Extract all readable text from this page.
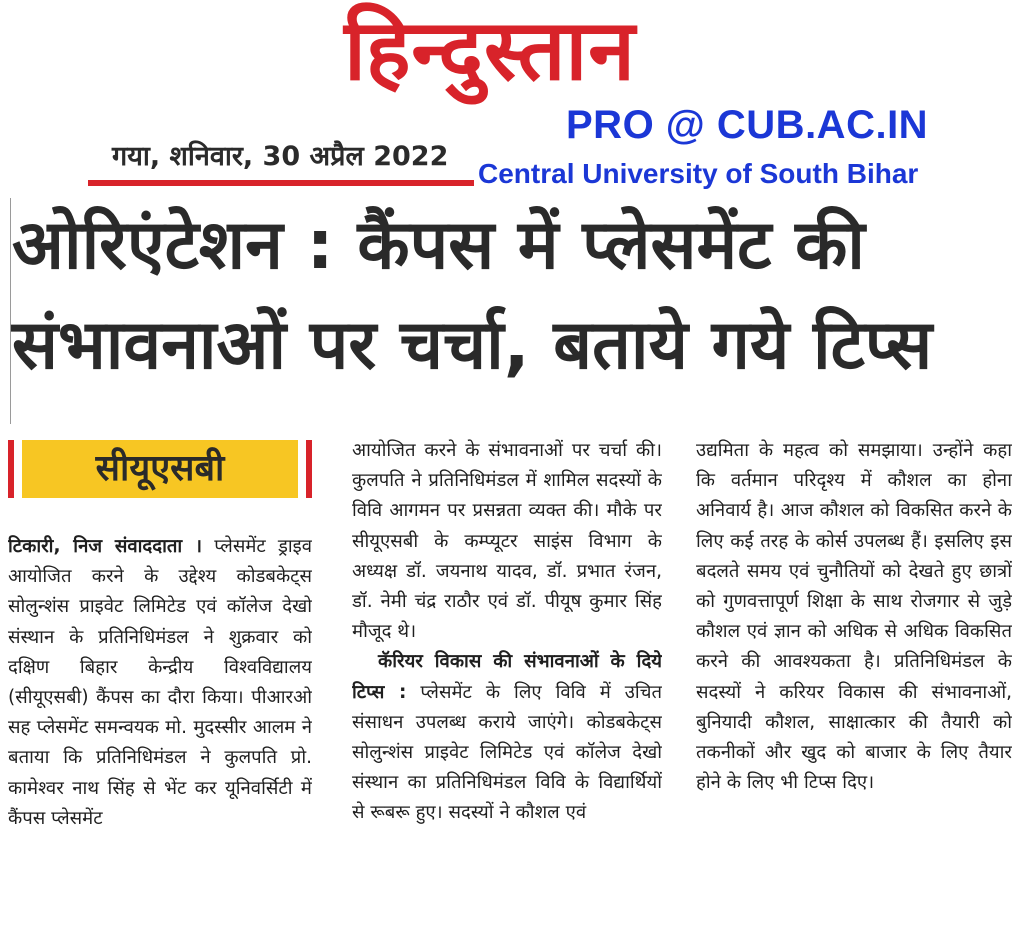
हिन्दुस्तान
गया, शनिवार, 30 अप्रैल 2022
PRO @ CUB.AC.IN
Central University of South Bihar
ओरिएंटेशन : कैंपस में प्लेसमेंट की
संभावनाओं पर चर्चा, बताये गये टिप्स
सीयूएसबी

टिकारी, निज संवाददाता । प्लेसमेंट ड्राइव आयोजित करने के उद्देश्य कोडबकेट्स सोलुन्शंस प्राइवेट लिमिटेड एवं कॉलेज देखो संस्थान के प्रतिनिधिमंडल ने शुक्रवार को दक्षिण बिहार केन्द्रीय विश्वविद्यालय (सीयूएसबी) कैंपस का दौरा किया। पीआरओ सह प्लेसमेंट समन्वयक मो. मुदस्सीर आलम ने बताया कि प्रतिनिधिमंडल ने कुलपति प्रो. कामेश्वर नाथ सिंह से भेंट कर यूनिवर्सिटी में कैंपस प्लेसमेंट

आयोजित करने के संभावनाओं पर चर्चा की। कुलपति ने प्रतिनिधिमंडल में शामिल सदस्यों के विवि आगमन पर प्रसन्नता व्यक्त की। मौके पर सीयूएसबी के कम्प्यूटर साइंस विभाग के अध्यक्ष डॉ. जयनाथ यादव, डॉ. प्रभात रंजन, डॉ. नेमी चंद्र राठौर एवं डॉ. पीयूष कुमार सिंह मौजूद थे।

कॅरियर विकास की संभावनाओं के दिये टिप्स : प्लेसमेंट के लिए विवि में उचित संसाधन उपलब्ध कराये जाएंगे। कोडबकेट्स सोलुन्शंस प्राइवेट लिमिटेड एवं कॉलेज देखो संस्थान का प्रतिनिधिमंडल विवि के विद्यार्थियों से रूबरू हुए। सदस्यों ने कौशल एवं

उद्यमिता के महत्व को समझाया। उन्होंने कहा कि वर्तमान परिदृश्य में कौशल का होना अनिवार्य है। आज कौशल को विकसित करने के लिए कई तरह के कोर्स उपलब्ध हैं। इसलिए इस बदलते समय एवं चुनौतियों को देखते हुए छात्रों को गुणवत्तापूर्ण शिक्षा के साथ रोजगार से जुड़े कौशल एवं ज्ञान को अधिक से अधिक विकसित करने की आवश्यकता है। प्रतिनिधिमंडल के सदस्यों ने करियर विकास की संभावनाओं, बुनियादी कौशल, साक्षात्कार की तैयारी को तकनीकों और खुद को बाजार के लिए तैयार होने के लिए भी टिप्स दिए।
